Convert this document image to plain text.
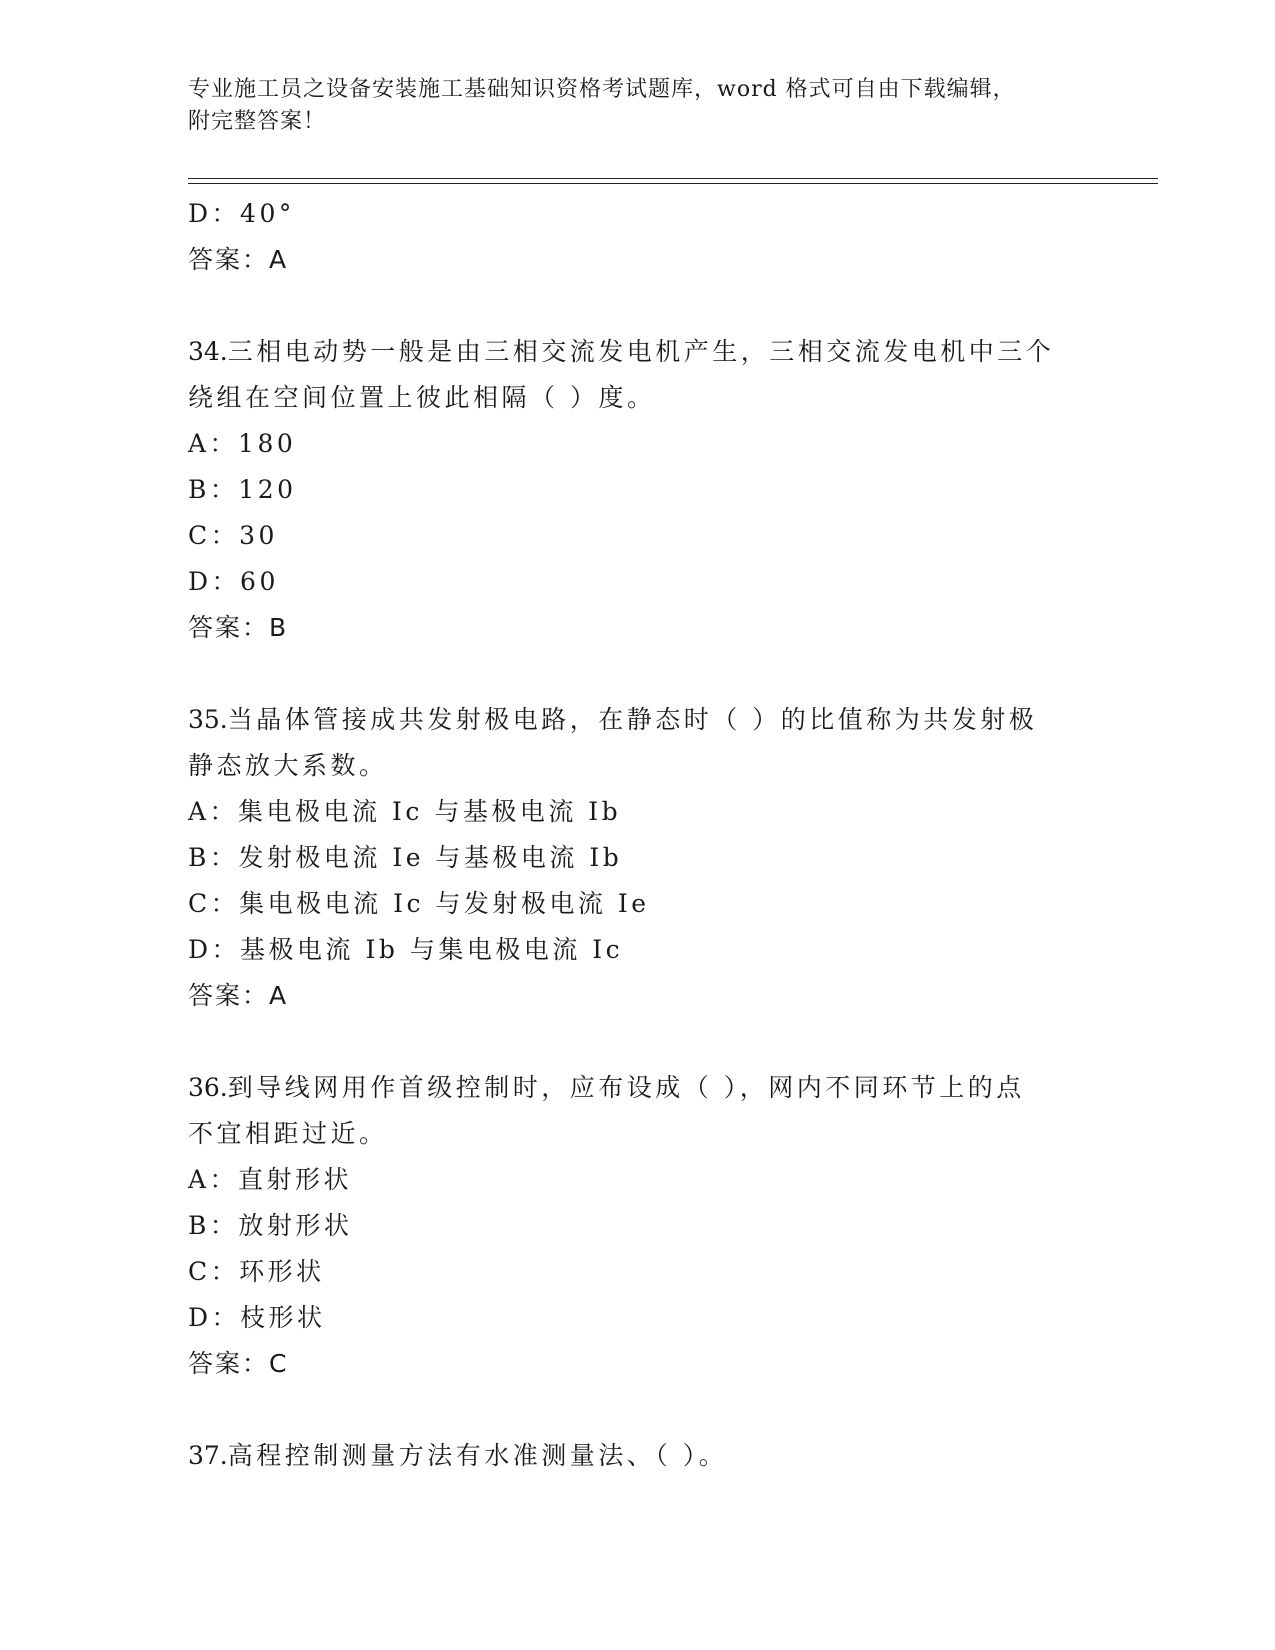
专业施工员之设备安装施工基础知识资格考试题库，word 格式可自由下载编辑，
附完整答案！
D：40°
答案：A
34.三相电动势一般是由三相交流发电机产生，三相交流发电机中三个
绕组在空间位置上彼此相隔（ ）度。
A：180
B：120
C：30
D：60
答案：B
35.当晶体管接成共发射极电路，在静态时（ ）的比值称为共发射极
静态放大系数。
A：集电极电流 Ic 与基极电流 Ib
B：发射极电流 Ie 与基极电流 Ib
C：集电极电流 Ic 与发射极电流 Ie
D：基极电流 Ib 与集电极电流 Ic
答案：A
36.到导线网用作首级控制时，应布设成（ ），网内不同环节上的点
不宜相距过近。
A：直射形状
B：放射形状
C：环形状
D：枝形状
答案：C
37.高程控制测量方法有水准测量法、（ ）。
